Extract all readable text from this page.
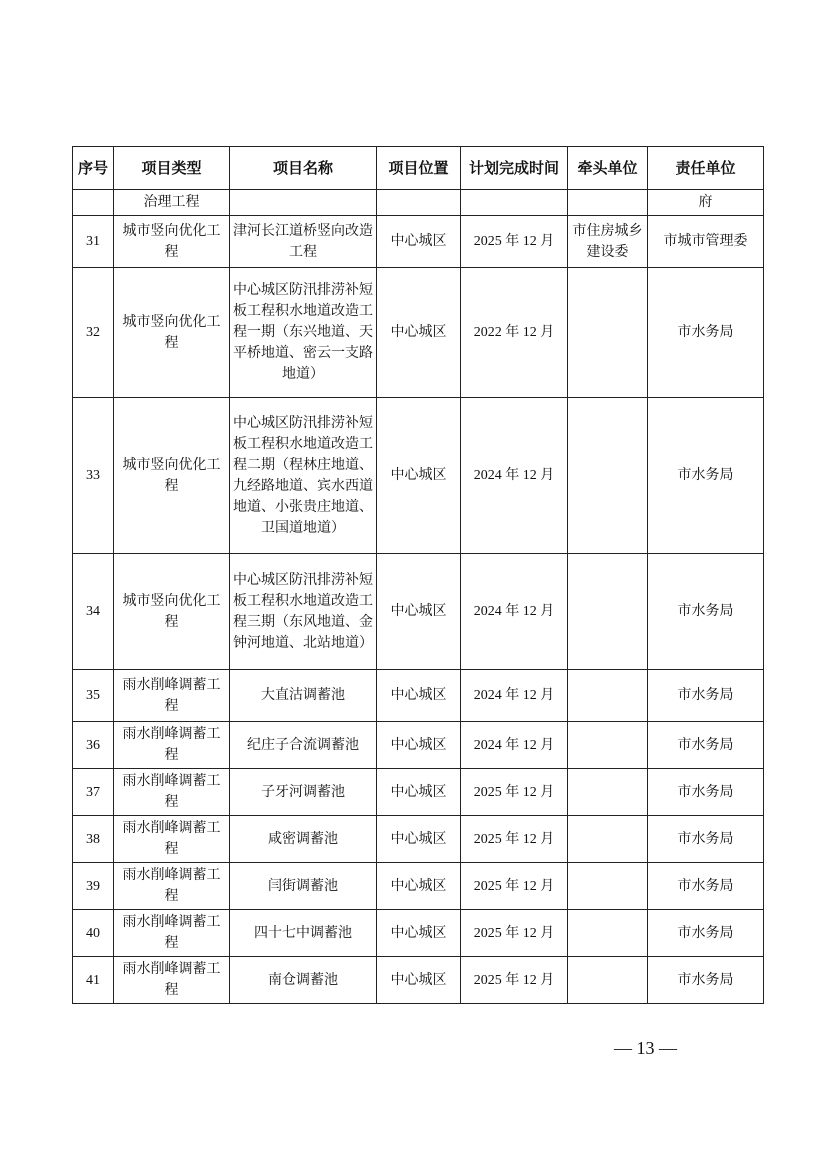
序号	项目类型	项目名称	项目位置	计划完成时间	牵头单位	责任单位
	治理工程					府
31	城市竖向优化工程	津河长江道桥竖向改造工程	中心城区	2025 年 12 月	市住房城乡建设委	市城市管理委
32	城市竖向优化工程	中心城区防汛排涝补短板工程积水地道改造工程一期（东兴地道、天平桥地道、密云一支路地道）	中心城区	2022 年 12 月		市水务局
33	城市竖向优化工程	中心城区防汛排涝补短板工程积水地道改造工程二期（程林庄地道、九经路地道、宾水西道地道、小张贵庄地道、卫国道地道）	中心城区	2024 年 12 月		市水务局
34	城市竖向优化工程	中心城区防汛排涝补短板工程积水地道改造工程三期（东风地道、金钟河地道、北站地道）	中心城区	2024 年 12 月		市水务局
35	雨水削峰调蓄工程	大直沽调蓄池	中心城区	2024 年 12 月		市水务局
36	雨水削峰调蓄工程	纪庄子合流调蓄池	中心城区	2024 年 12 月		市水务局
37	雨水削峰调蓄工程	子牙河调蓄池	中心城区	2025 年 12 月		市水务局
38	雨水削峰调蓄工程	咸密调蓄池	中心城区	2025 年 12 月		市水务局
39	雨水削峰调蓄工程	闫街调蓄池	中心城区	2025 年 12 月		市水务局
40	雨水削峰调蓄工程	四十七中调蓄池	中心城区	2025 年 12 月		市水务局
41	雨水削峰调蓄工程	南仓调蓄池	中心城区	2025 年 12 月		市水务局
— 13 —
